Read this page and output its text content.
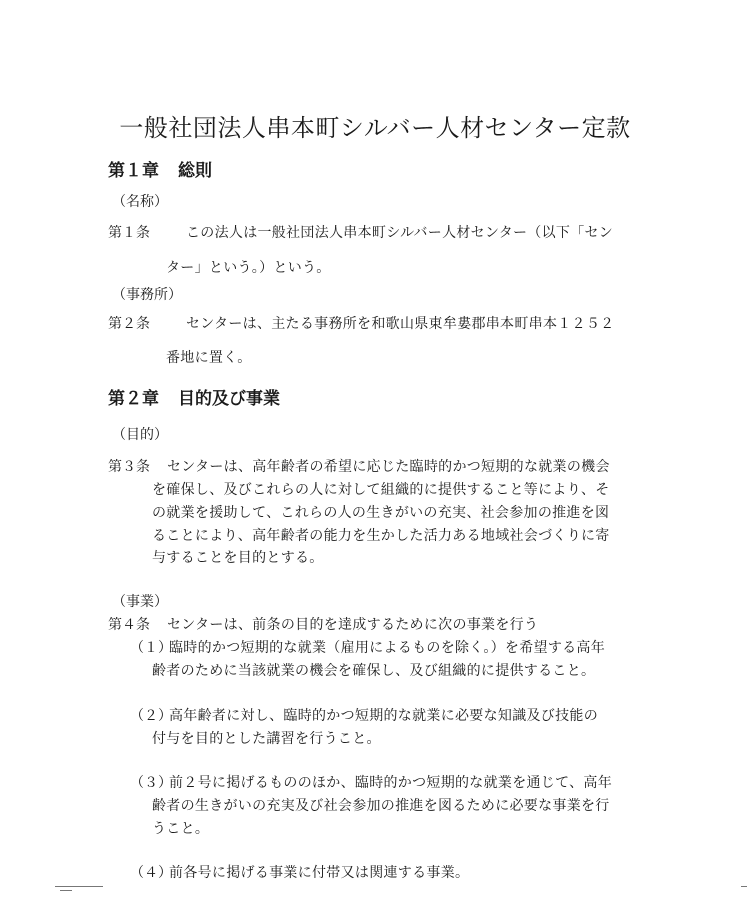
一般社団法人串本町シルバー人材センター定款
第１章 総則
（名称）
第１条	この法人は一般社団法人串本町シルバー人材センター（以下「セン
ター」という。）という。
（事務所）
第２条	センターは、主たる事務所を和歌山県東牟婁郡串本町串本１２５２
番地に置く。
第２章 目的及び事業
（目的）
第３条 センターは、高年齢者の希望に応じた臨時的かつ短期的な就業の機会
を確保し、及びこれらの人に対して組織的に提供すること等により、そ
の就業を援助して、これらの人の生きがいの充実、社会参加の推進を図
ることにより、高年齢者の能力を生かした活力ある地域社会づくりに寄
与することを目的とする。
（事業）
第４条 センターは、前条の目的を達成するために次の事業を行う
（１）
臨時的かつ短期的な就業（雇用によるものを除く。）を希望する高年
齢者のために当該就業の機会を確保し、及び組織的に提供すること。
（２）
高年齢者に対し、臨時的かつ短期的な就業に必要な知識及び技能の
付与を目的とした講習を行うこと。
（３）
前２号に掲げるもののほか、臨時的かつ短期的な就業を通じて、高年
齢者の生きがいの充実及び社会参加の推進を図るために必要な事業を行
うこと。
（４）
前各号に掲げる事業に付帯又は関連する事業。
